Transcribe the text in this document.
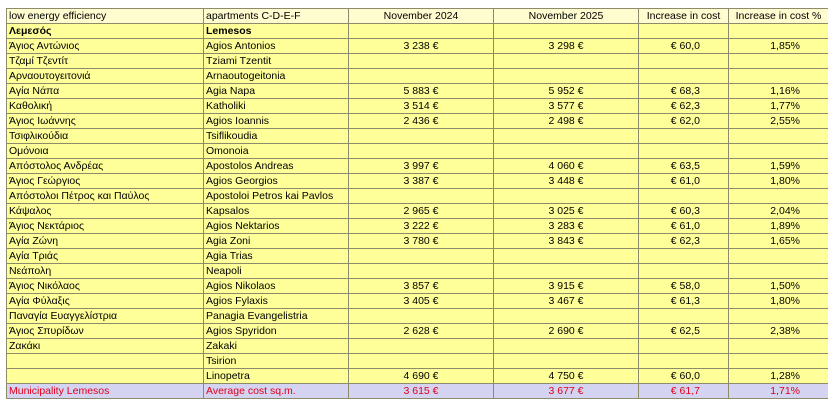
low energy efficiency	apartments C-D-E-F	November 2024	November 2025	Increase in cost	Increase in cost %
Λεμεσός	Lemesos				
Άγιος Αντώνιος	Agios Antonios	3 238 €	3 298 €	€ 60,0	1,85%
Τζαμί Τζεντίτ	Tziami Tzentit				
Αρναουτογειτονιά	Arnaoutogeitonia				
Αγία Νάπα	Agia Napa	5 883 €	5 952 €	€ 68,3	1,16%
Καθολική	Katholiki	3 514 €	3 577 €	€ 62,3	1,77%
Άγιος Ιωάννης	Agios Ioannis	2 436 €	2 498 €	€ 62,0	2,55%
Τσιφλικούδια	Tsiflikoudia				
Ομόνοια	Omonoia				
Απόστολος Ανδρέας	Apostolos Andreas	3 997 €	4 060 €	€ 63,5	1,59%
Άγιος Γεώργιος	Agios Georgios	3 387 €	3 448 €	€ 61,0	1,80%
Απόστολοι Πέτρος και Παύλος	Apostoloi Petros kai Pavlos				
Κάψαλος	Kapsalos	2 965 €	3 025 €	€ 60,3	2,04%
Άγιος Νεκτάριος	Agios Nektarios	3 222 €	3 283 €	€ 61,0	1,89%
Αγία Ζώνη	Agia Zoni	3 780 €	3 843 €	€ 62,3	1,65%
Αγία Τριάς	Agia Trias				
Νεάπολη	Neapoli				
Άγιος Νικόλαος	Agios Nikolaos	3 857 €	3 915 €	€ 58,0	1,50%
Αγία Φύλαξις	Agios Fylaxis	3 405 €	3 467 €	€ 61,3	1,80%
Παναγία Ευαγγελίστρια	Panagia Evangelistria				
Άγιος Σπυρίδων	Agios Spyridon	2 628 €	2 690 €	€ 62,5	2,38%
Ζακάκι	Zakaki				
	Tsirion				
	Linopetra	4 690 €	4 750 €	€ 60,0	1,28%
Municipality Lemesos	Average cost sq.m.	3 615 €	3 677 €	€ 61,7	1,71%
